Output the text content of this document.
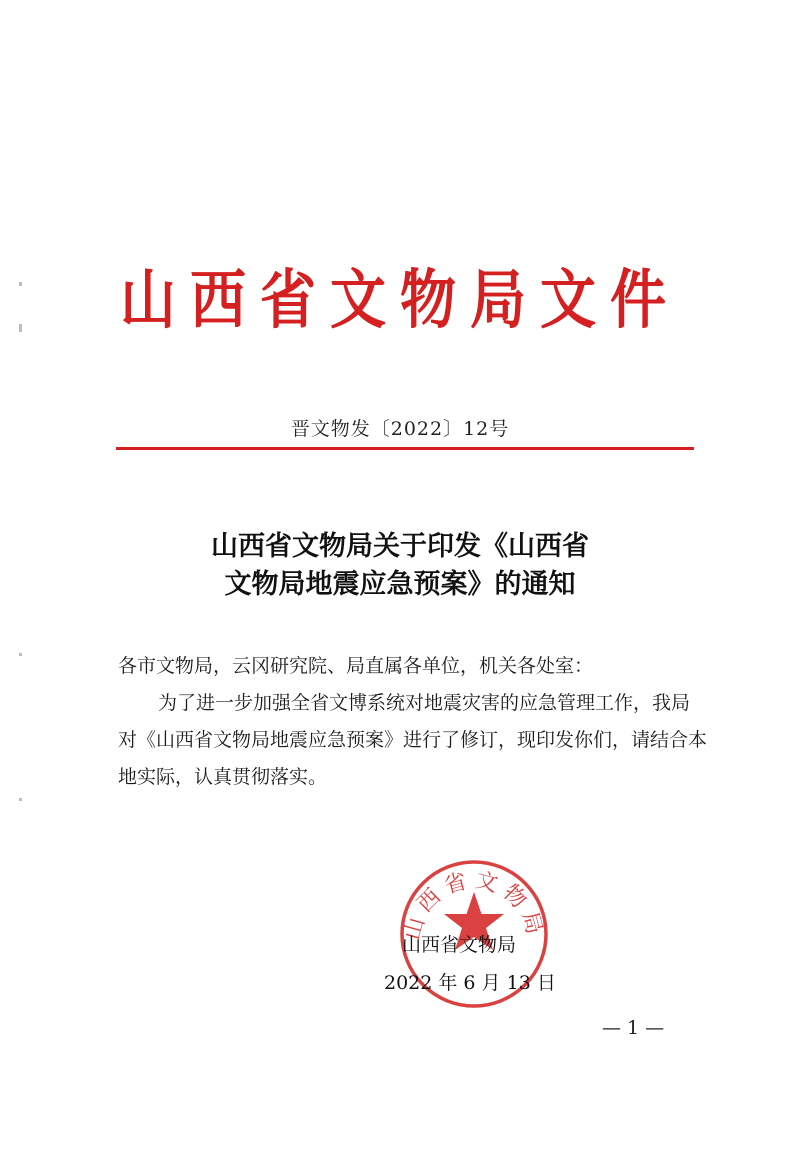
山西省文物局文件
晋文物发〔2022〕12号
山西省文物局关于印发《山西省
文物局地震应急预案》的通知

各市文物局，云冈研究院、局直属各单位，机关各处室：

为了进一步加强全省文博系统对地震灾害的应急管理工作，我局对《山西省文物局地震应急预案》进行了修订，现印发你们，请结合本地实际，认真贯彻落实。

山西省文物局
山西省文物局
2022 年 6 月 13 日
— 1 —
